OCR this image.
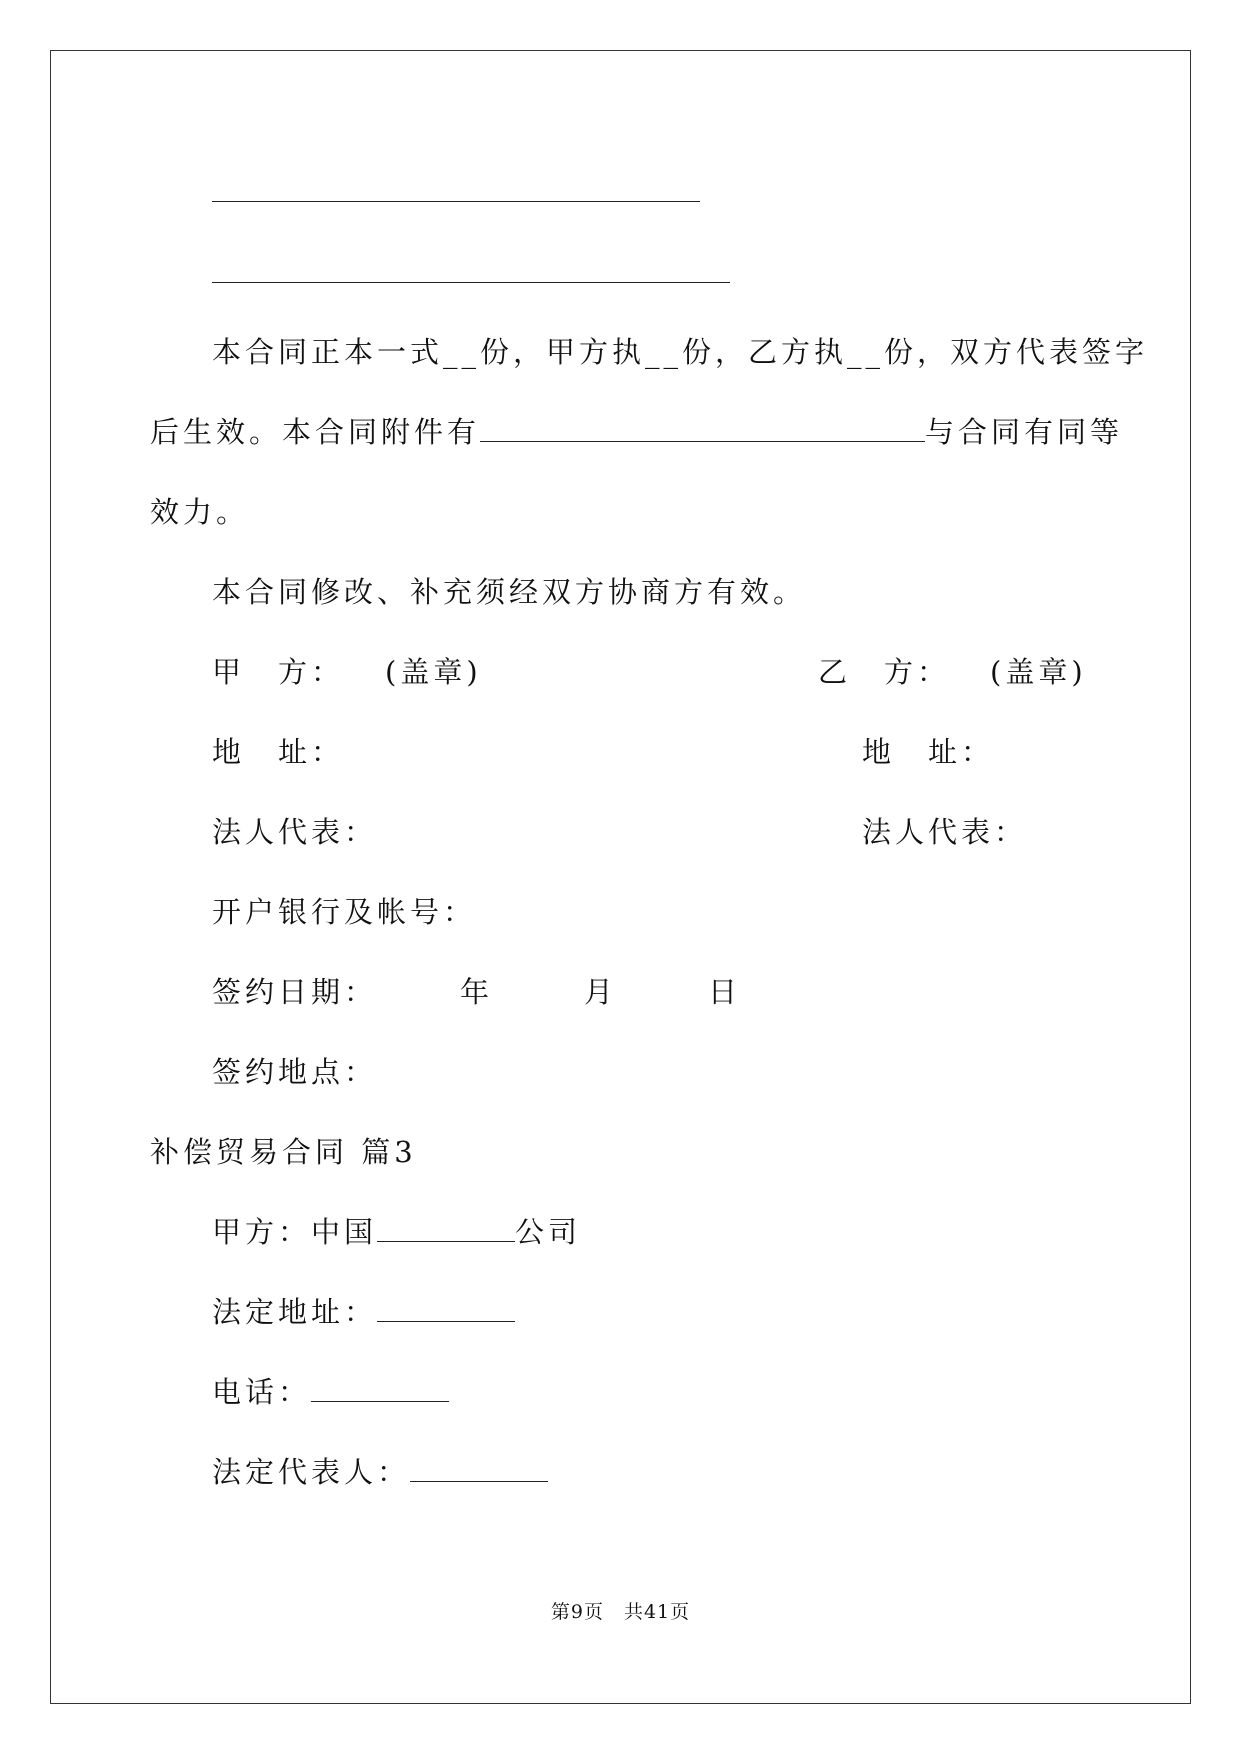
本合同正本一式__份，甲方执__份，乙方执__份，双方代表签字
后生效。本合同附件有	与合同有同等
效力。
本合同修改、补充须经双方协商方有效。
甲　方： (盖章)	乙　方： (盖章)
地　址：	地　址：
法人代表：	法人代表：
开户银行及帐号：
签约日期：	年	月	日
签约地点：
补偿贸易合同 篇3
甲方：中国	公司
法定地址：
电话：
法定代表人：
第9页　共41页
